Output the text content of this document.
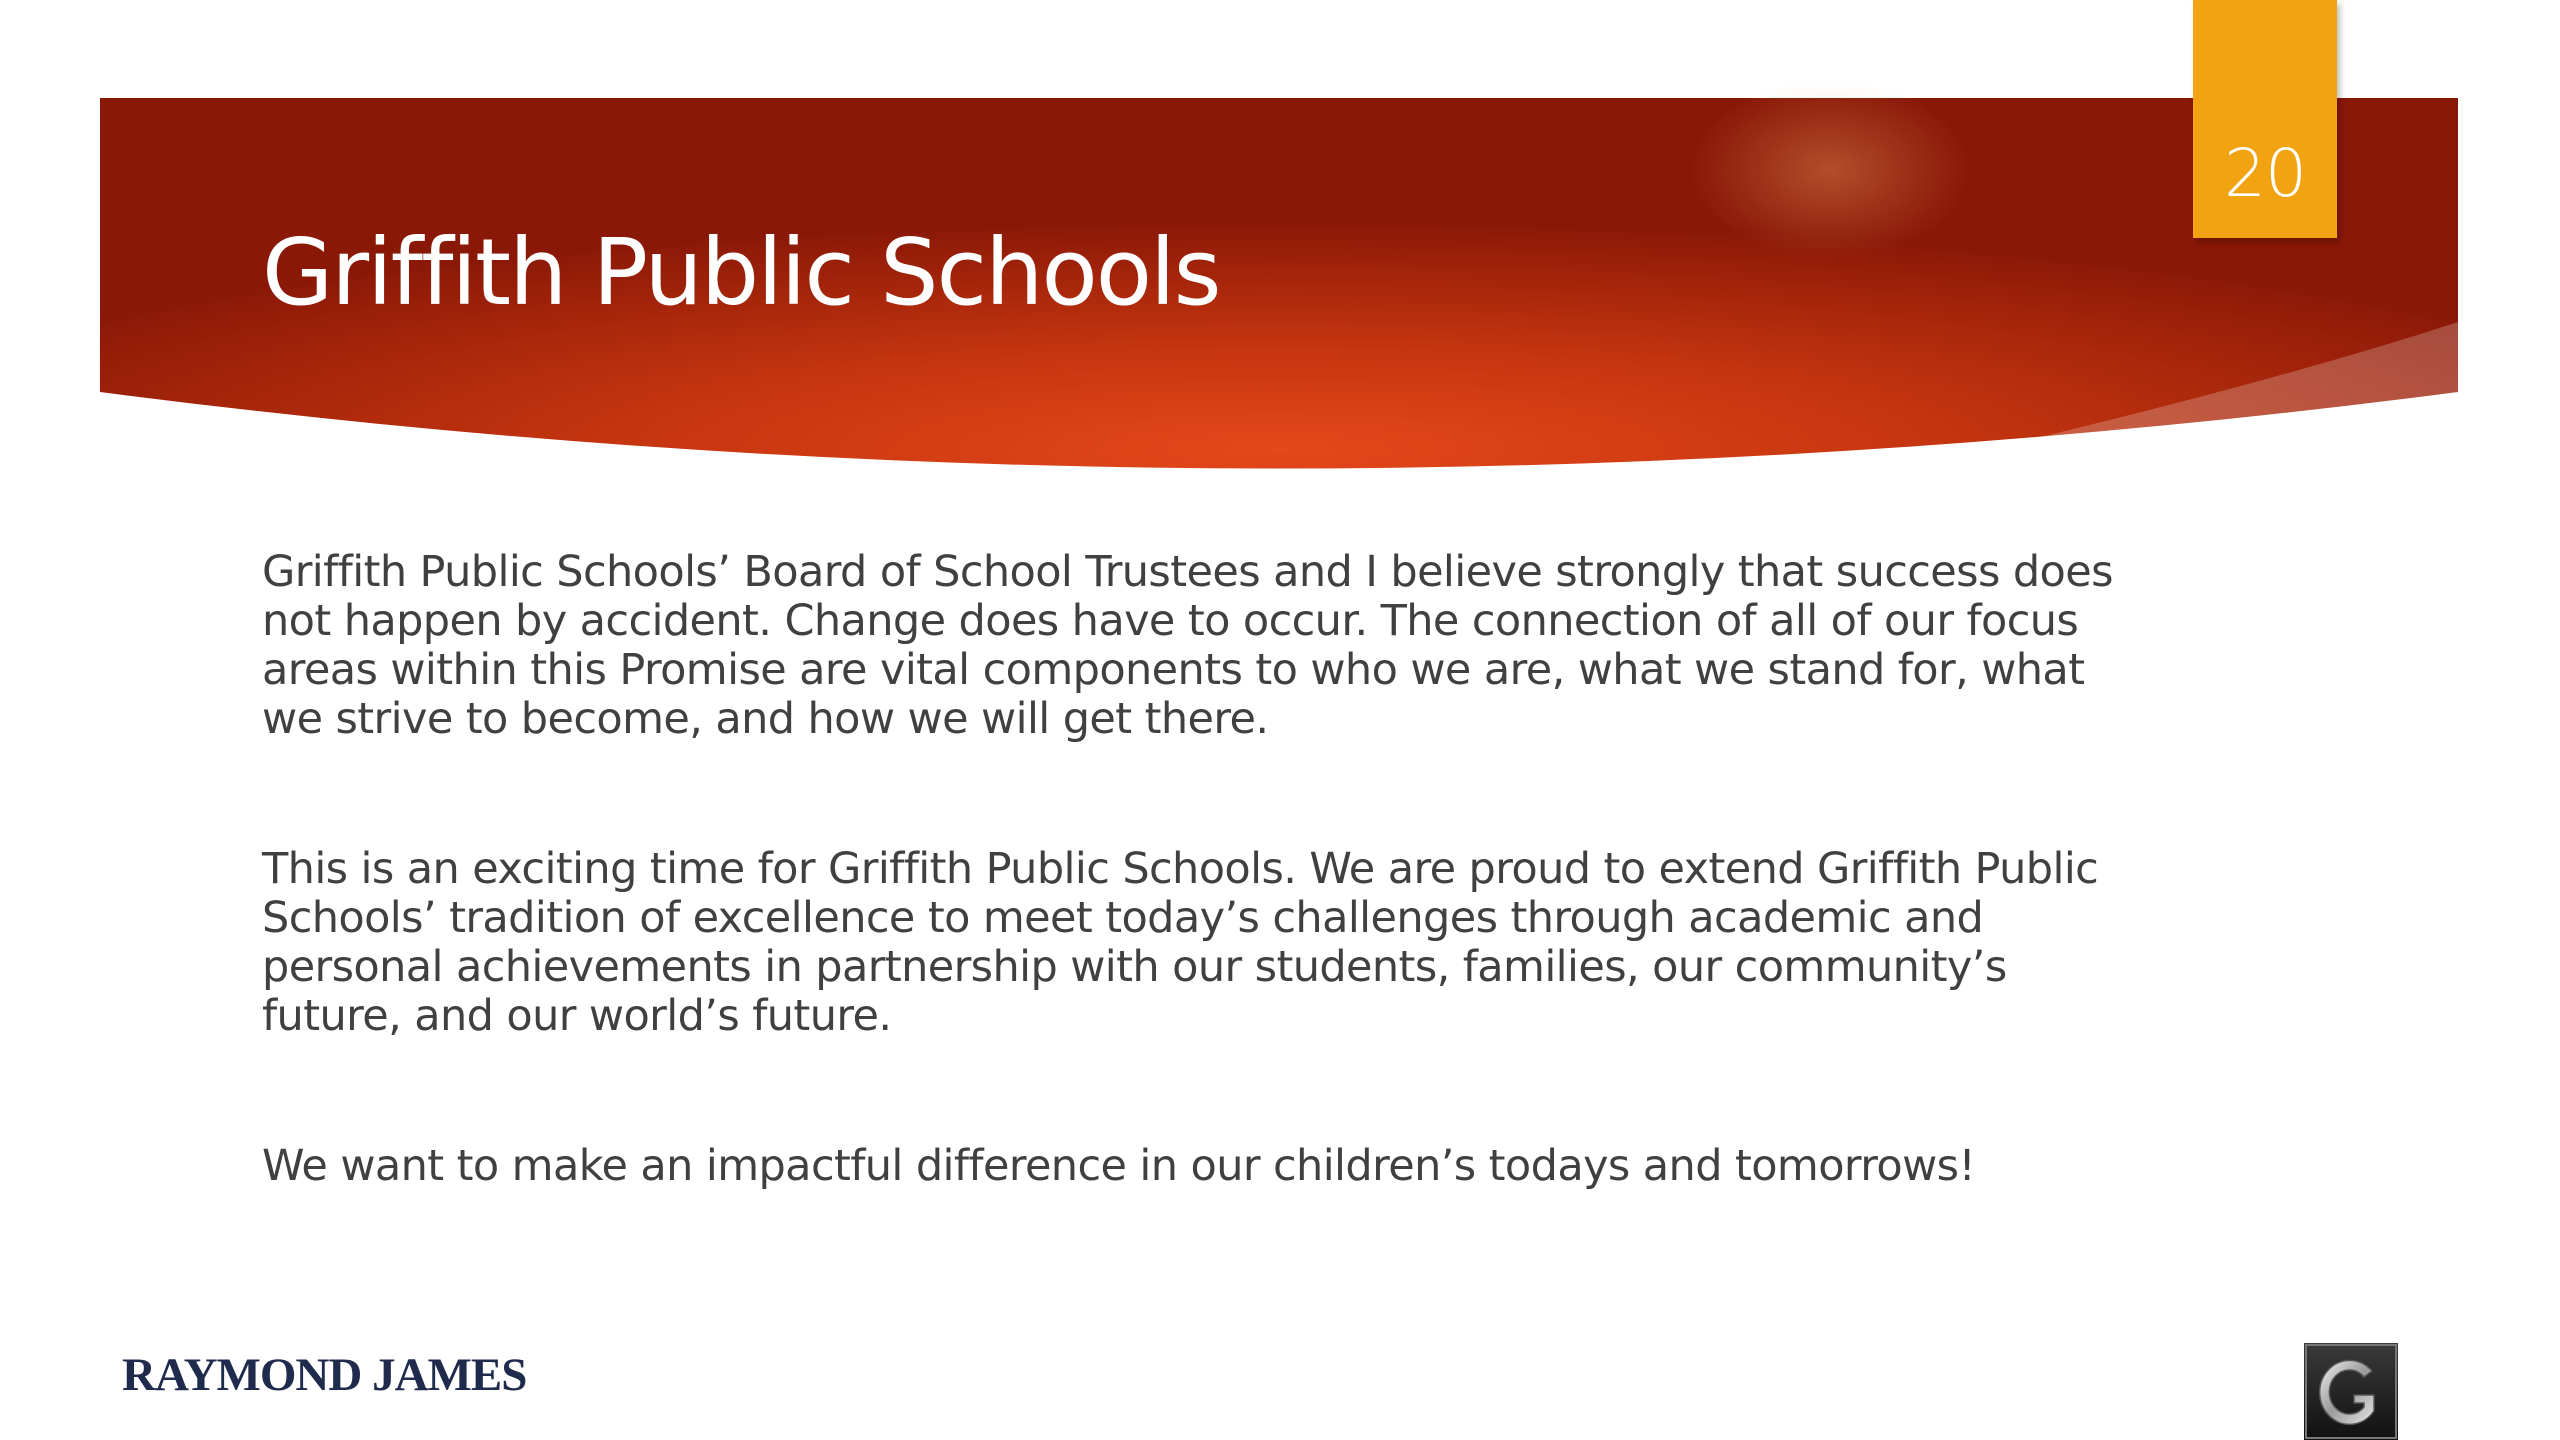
20
Griffith Public Schools

Griffith Public Schools’ Board of School Trustees and I believe strongly that success does not happen by accident. Change does have to occur. The connection of all of our focus areas within this Promise are vital components to who we are, what we stand for, what we strive to become, and how we will get there.

This is an exciting time for Griffith Public Schools. We are proud to extend Griffith Public Schools’ tradition of excellence to meet today’s challenges through academic and personal achievements in partnership with our students, families, our community’s future, and our world’s future.

We want to make an impactful difference in our children’s todays and tomorrows!

RAYMOND JAMES
